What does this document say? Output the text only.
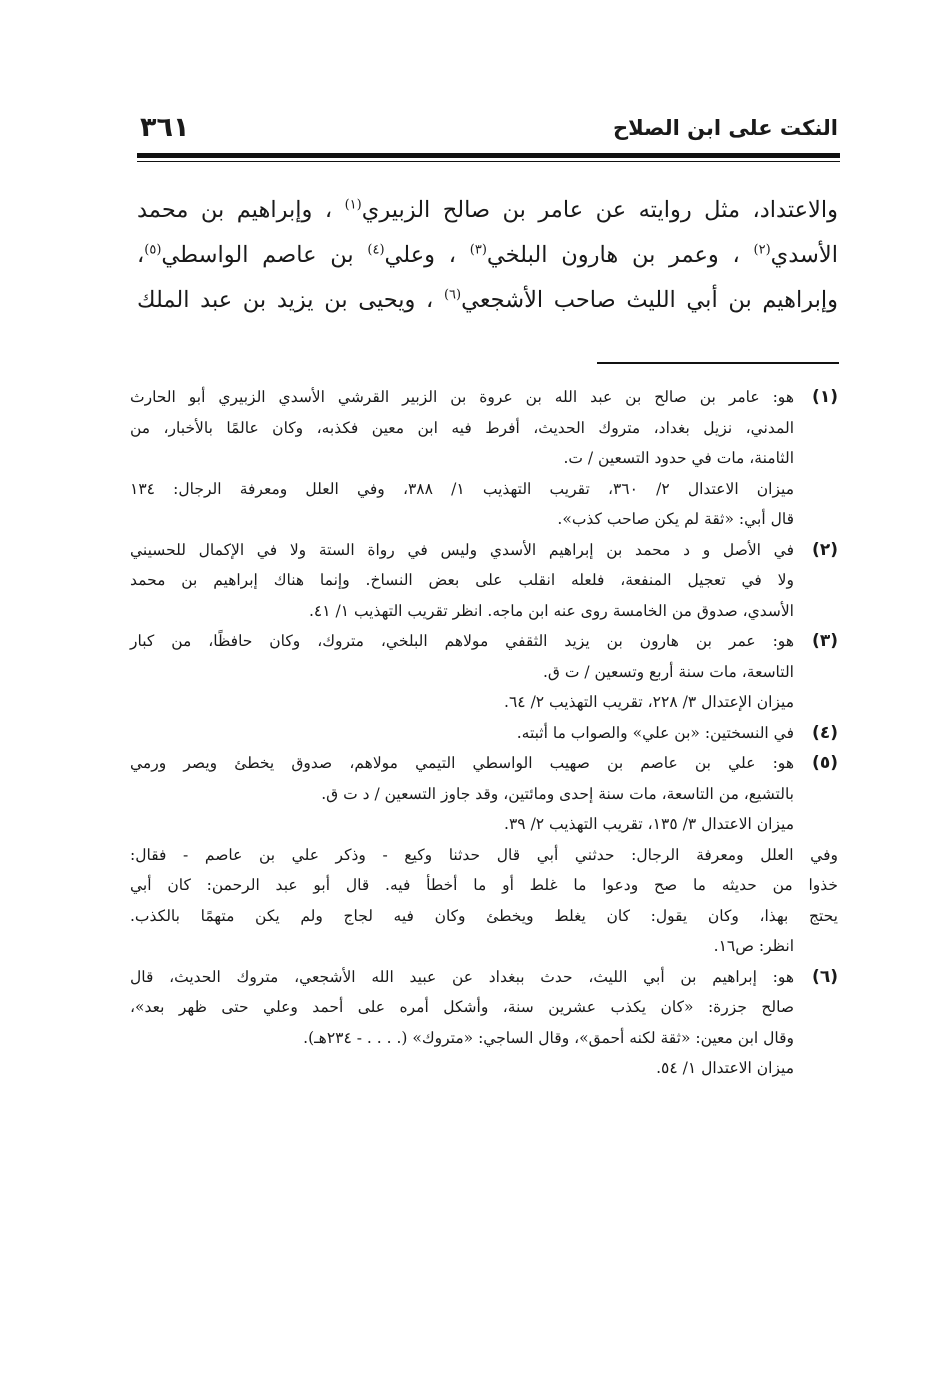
النكت على ابن الصلاح
٣٦١
والاعتداد، مثل روايته عن عامر بن صالح الزبيري$^{(١)}$ ، وإبراهيم بن محمد
الأسدي$^{(٢)}$ ، وعمر بن هارون البلخي$^{(٣)}$ ، وعلي$^{(٤)}$ بن عاصم الواسطي$^{(٥)}$،
وإبراهيم بن أبي الليث صاحب الأشجعي$^{(٦)}$ ، ويحيى بن يزيد بن عبد الملك
(١)
هو: عامر بن صالح بن عبد الله بن عروة بن الزبير القرشي الأسدي الزبيري أبو الحارث
المدني، نزيل بغداد، متروك الحديث، أفرط فيه ابن معين فكذبه، وكان عالمًا بالأخبار، من
الثامنة، مات في حدود التسعين / ت.
ميزان الاعتدال ٢/ ٣٦٠، تقريب التهذيب ١/ ٣٨٨، وفي العلل ومعرفة الرجال: ١٣٤
قال أبي: «ثقة لم يكن صاحب كذب».
(٢)
في الأصل و د محمد بن إبراهيم الأسدي وليس في رواة الستة ولا في الإكمال للحسيني
ولا في تعجيل المنفعة، فلعله انقلب على بعض النساخ. وإنما هناك إبراهيم بن محمد
الأسدي، صدوق من الخامسة روى عنه ابن ماجه. انظر تقريب التهذيب ١/ ٤١.
(٣)
هو: عمر بن هارون بن يزيد الثقفي مولاهم البلخي، متروك، وكان حافظًا، من كبار
التاسعة، مات سنة أربع وتسعين / ت ق.
ميزان الإعتدال ٣/ ٢٢٨، تقريب التهذيب ٢/ ٦٤.
(٤)
في النسختين: «بن علي» والصواب ما أثبته.
(٥)
هو: علي بن عاصم بن صهيب الواسطي التيمي مولاهم، صدوق يخطئ ويصر ورمي
بالتشيع، من التاسعة، مات سنة إحدى ومائتين، وقد جاوز التسعين / د ت ق.
ميزان الاعتدال ٣/ ١٣٥، تقريب التهذيب ٢/ ٣٩.
وفي العلل ومعرفة الرجال: حدثني أبي قال حدثنا وكيع - وذكر علي بن عاصم - فقال:
خذوا من حديثه ما صح ودعوا ما غلط أو ما أخطأ فيه. قال أبو عبد الرحمن: كان أبي
يحتج بهذا، وكان يقول: كان يغلط ويخطئ وكان فيه لجاج ولم يكن متهمًا بالكذب.
انظر: ص١٦.
(٦)
هو: إبراهيم بن أبي الليث، حدث ببغداد عن عبيد الله الأشجعي، متروك الحديث، قال
صالح جزرة: «كان يكذب عشرين سنة، وأشكل أمره على أحمد وعلي حتى ظهر بعد»،
وقال ابن معين: «ثقة لكنه أحمق»، وقال الساجي: «متروك» (. . . . - ٢٣٤هـ).
ميزان الاعتدال ١/ ٥٤.
